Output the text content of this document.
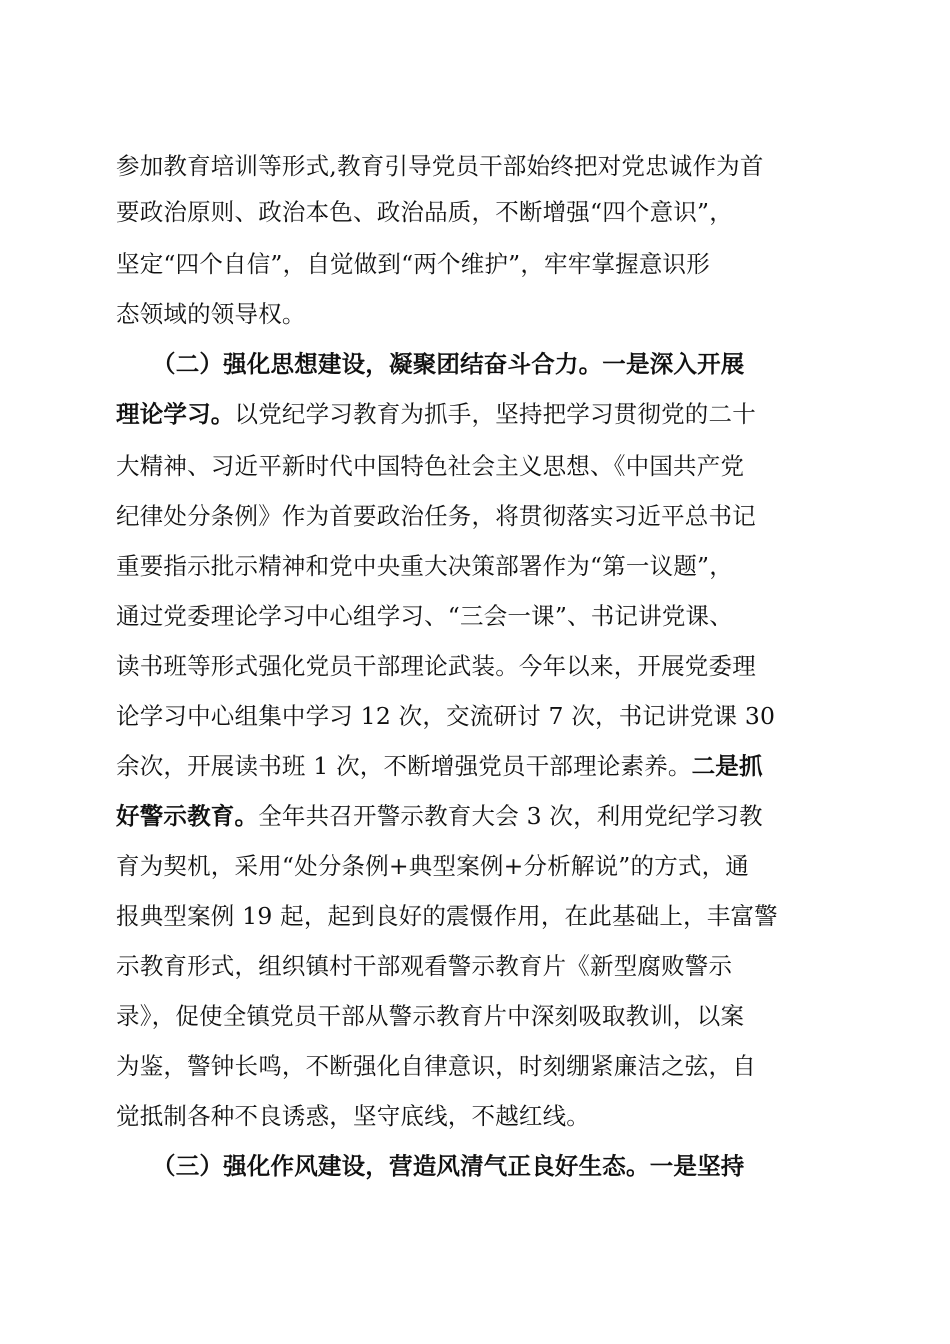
参加教育培训等形式,教育引导党员干部始终把对党忠诚作为首
要政治原则、政治本色、政治品质，不断增强“四个意识”，
坚定“四个自信”，自觉做到“两个维护”，牢牢掌握意识形
态领域的领导权。
（二）强化思想建设，凝聚团结奋斗合力。一是深入开展
理论学习。以党纪学习教育为抓手，坚持把学习贯彻党的二十
大精神、习近平新时代中国特色社会主义思想、《中国共产党
纪律处分条例》作为首要政治任务，将贯彻落实习近平总书记
重要指示批示精神和党中央重大决策部署作为“第一议题”，
通过党委理论学习中心组学习、“三会一课”、书记讲党课、
读书班等形式强化党员干部理论武装。今年以来，开展党委理
论学习中心组集中学习 12 次，交流研讨 7 次，书记讲党课 30
余次，开展读书班 1 次，不断增强党员干部理论素养。二是抓
好警示教育。全年共召开警示教育大会 3 次，利用党纪学习教
育为契机，采用“处分条例+典型案例+分析解说”的方式，通
报典型案例 19 起，起到良好的震慑作用，在此基础上，丰富警
示教育形式，组织镇村干部观看警示教育片《新型腐败警示
录》，促使全镇党员干部从警示教育片中深刻吸取教训，以案
为鉴，警钟长鸣，不断强化自律意识，时刻绷紧廉洁之弦，自
觉抵制各种不良诱惑，坚守底线，不越红线。
（三）强化作风建设，营造风清气正良好生态。一是坚持
